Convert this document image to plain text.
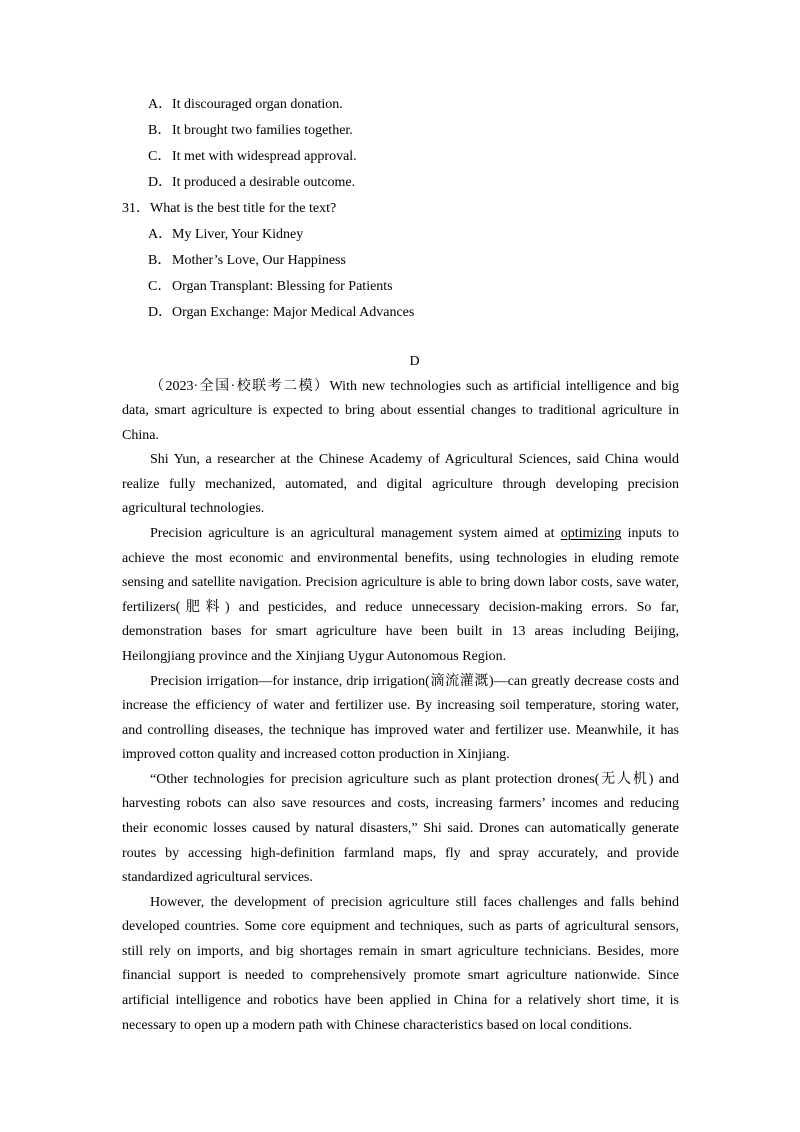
A． It discouraged organ donation.
B． It brought two families together.
C． It met with widespread approval.
D． It produced a desirable outcome.
31． What is the best title for the text?
A． My Liver, Your Kidney
B． Mother’s Love, Our Happiness
C． Organ Transplant: Blessing for Patients
D． Organ Exchange: Major Medical Advances
D
（2023·全国·校联考二模）With new technologies such as artificial intelligence and big
data, smart agriculture is expected to bring about essential changes to traditional agriculture in
China.
Shi Yun, a researcher at the Chinese Academy of Agricultural Sciences, said China would
realize fully mechanized, automated, and digital agriculture through developing precision
agricultural technologies.
Precision agriculture is an agricultural management system aimed at optimizing inputs to
achieve the most economic and environmental benefits, using technologies in eluding remote
sensing and satellite navigation. Precision agriculture is able to bring down labor costs, save water,
fertilizers(肥料) and pesticides, and reduce unnecessary decision-making errors. So far,
demonstration bases for smart agriculture have been built in 13 areas including Beijing,
Heilongjiang province and the Xinjiang Uygur Autonomous Region.
Precision irrigation—for instance, drip irrigation(滴流灌溉)—can greatly decrease costs and
increase the efficiency of water and fertilizer use. By increasing soil temperature, storing water,
and controlling diseases, the technique has improved water and fertilizer use. Meanwhile, it has
improved cotton quality and increased cotton production in Xinjiang.
“Other technologies for precision agriculture such as plant protection drones(无人机) and
harvesting robots can also save resources and costs, increasing farmers’ incomes and reducing
their economic losses caused by natural disasters,” Shi said. Drones can automatically generate
routes by accessing high-definition farmland maps, fly and spray accurately, and provide
standardized agricultural services.
However, the development of precision agriculture still faces challenges and falls behind
developed countries. Some core equipment and techniques, such as parts of agricultural sensors,
still rely on imports, and big shortages remain in smart agriculture technicians. Besides, more
financial support is needed to comprehensively promote smart agriculture nationwide. Since
artificial intelligence and robotics have been applied in China for a relatively short time, it is
necessary to open up a modern path with Chinese characteristics based on local conditions.
